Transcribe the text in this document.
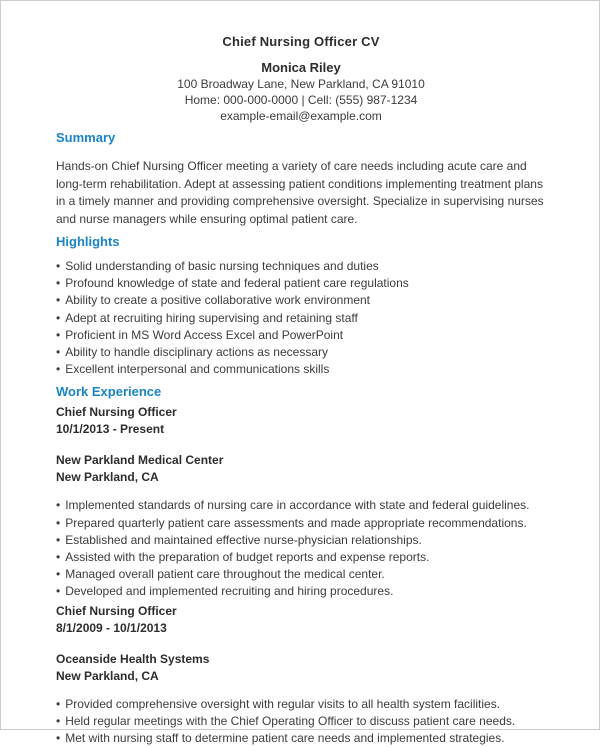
Chief Nursing Officer CV
Monica Riley
100 Broadway Lane, New Parkland, CA 91010
Home: 000-000-0000 | Cell: (555) 987-1234
example-email@example.com
Summary
Hands-on Chief Nursing Officer meeting a variety of care needs including acute care and long-term rehabilitation. Adept at assessing patient conditions implementing treatment plans in a timely manner and providing comprehensive oversight. Specialize in supervising nurses and nurse managers while ensuring optimal patient care.
Highlights
• Solid understanding of basic nursing techniques and duties
• Profound knowledge of state and federal patient care regulations
• Ability to create a positive collaborative work environment
• Adept at recruiting hiring supervising and retaining staff
• Proficient in MS Word Access Excel and PowerPoint
• Ability to handle disciplinary actions as necessary
• Excellent interpersonal and communications skills
Work Experience
Chief Nursing Officer
10/1/2013 - Present
New Parkland Medical Center
New Parkland, CA
• Implemented standards of nursing care in accordance with state and federal guidelines.
• Prepared quarterly patient care assessments and made appropriate recommendations.
• Established and maintained effective nurse-physician relationships.
• Assisted with the preparation of budget reports and expense reports.
• Managed overall patient care throughout the medical center.
• Developed and implemented recruiting and hiring procedures.
Chief Nursing Officer
8/1/2009 - 10/1/2013
Oceanside Health Systems
New Parkland, CA
• Provided comprehensive oversight with regular visits to all health system facilities.
• Held regular meetings with the Chief Operating Officer to discuss patient care needs.
• Met with nursing staff to determine patient care needs and implemented strategies.
